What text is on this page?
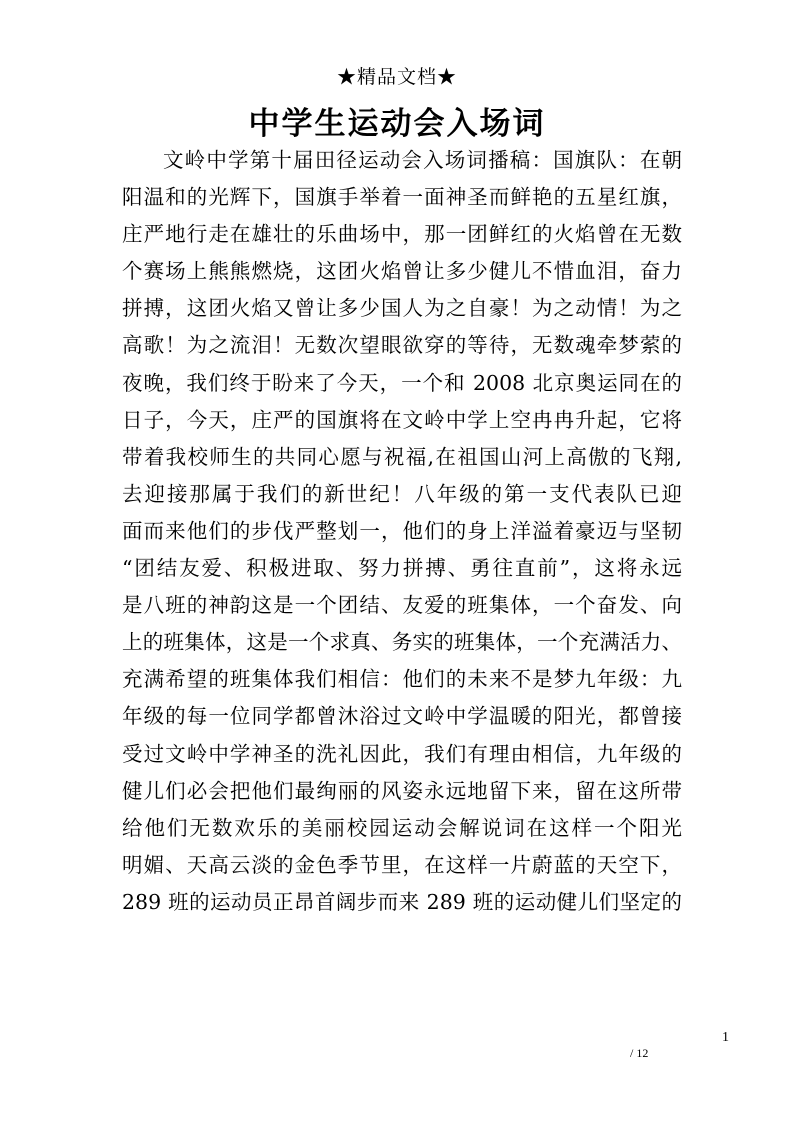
★精品文档★
中学生运动会入场词
文岭中学第十届田径运动会入场词播稿：国旗队：在朝
阳温和的光辉下，国旗手举着一面神圣而鲜艳的五星红旗，
庄严地行走在雄壮的乐曲场中，那一团鲜红的火焰曾在无数
个赛场上熊熊燃烧，这团火焰曾让多少健儿不惜血泪，奋力
拼搏，这团火焰又曾让多少国人为之自豪！为之动情！为之
高歌！为之流泪！无数次望眼欲穿的等待，无数魂牵梦萦的
夜晚，我们终于盼来了今天，一个和 2008 北京奥运同在的
日子，今天，庄严的国旗将在文岭中学上空冉冉升起，它将
带着我校师生的共同心愿与祝福,在祖国山河上高傲的飞翔,
去迎接那属于我们的新世纪！八年级的第一支代表队已迎
面而来他们的步伐严整划一，他们的身上洋溢着豪迈与坚韧
“团结友爱、积极进取、努力拼搏、勇往直前”，这将永远
是八班的神韵这是一个团结、友爱的班集体，一个奋发、向
上的班集体，这是一个求真、务实的班集体，一个充满活力、
充满希望的班集体我们相信：他们的未来不是梦九年级：九
年级的每一位同学都曾沐浴过文岭中学温暖的阳光，都曾接
受过文岭中学神圣的洗礼因此，我们有理由相信，九年级的
健儿们必会把他们最绚丽的风姿永远地留下来，留在这所带
给他们无数欢乐的美丽校园运动会解说词在这样一个阳光
明媚、天高云淡的金色季节里，在这样一片蔚蓝的天空下，
289 班的运动员正昂首阔步而来 289 班的运动健儿们坚定的
1
/ 12
